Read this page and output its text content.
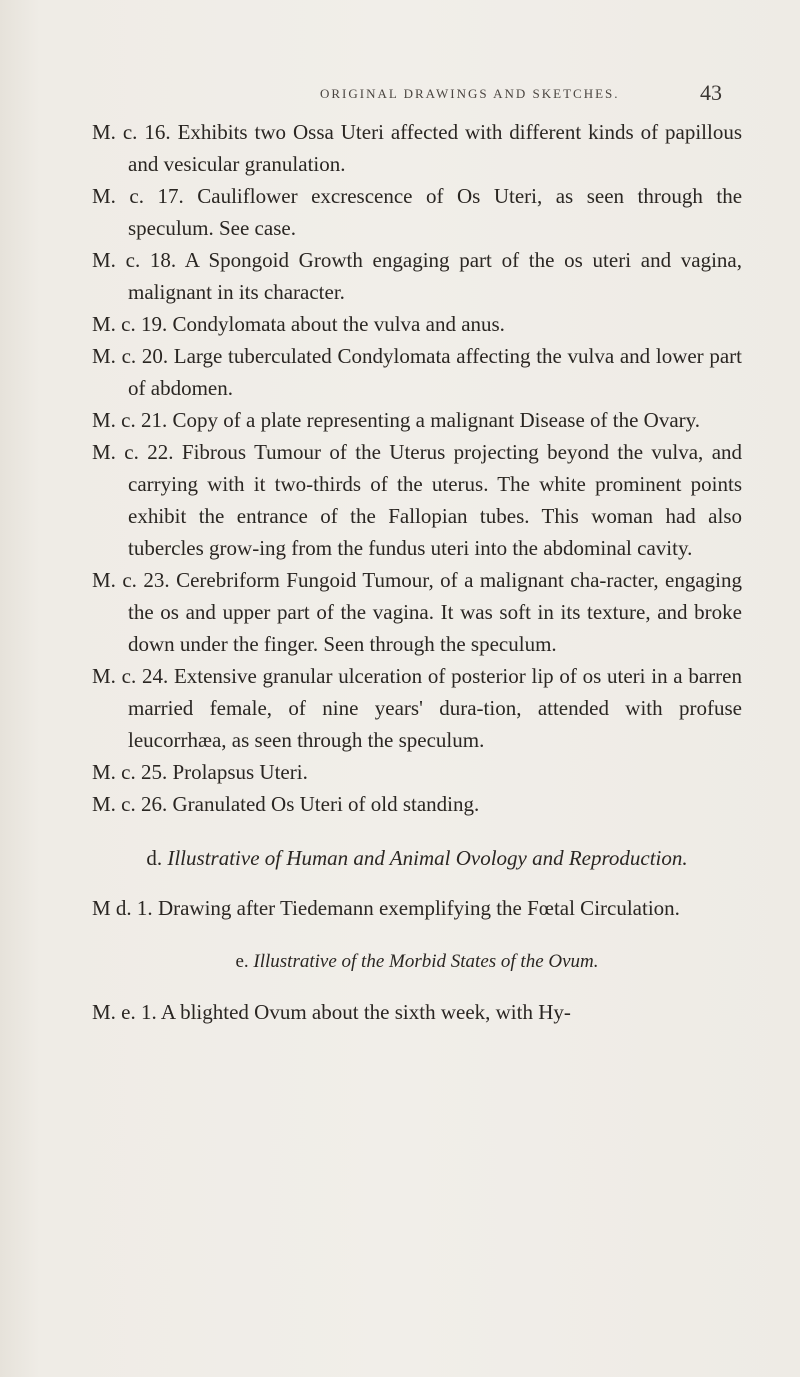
ORIGINAL DRAWINGS AND SKETCHES.	43

M. c. 16. Exhibits two Ossa Uteri affected with different kinds of papillous and vesicular granulation.

M. c. 17. Cauliflower excrescence of Os Uteri, as seen through the speculum. See case.

M. c. 18. A Spongoid Growth engaging part of the os uteri and vagina, malignant in its character.

M. c. 19. Condylomata about the vulva and anus.

M. c. 20. Large tuberculated Condylomata affecting the vulva and lower part of abdomen.

M. c. 21. Copy of a plate representing a malignant Disease of the Ovary.

M. c. 22. Fibrous Tumour of the Uterus projecting beyond the vulva, and carrying with it two-thirds of the uterus. The white prominent points exhibit the entrance of the Fallopian tubes. This woman had also tubercles grow-ing from the fundus uteri into the abdominal cavity.

M. c. 23. Cerebriform Fungoid Tumour, of a malignant cha-racter, engaging the os and upper part of the vagina. It was soft in its texture, and broke down under the finger. Seen through the speculum.

M. c. 24. Extensive granular ulceration of posterior lip of os uteri in a barren married female, of nine years' dura-tion, attended with profuse leucorrhæa, as seen through the speculum.

M. c. 25. Prolapsus Uteri.

M. c. 26. Granulated Os Uteri of old standing.

d. Illustrative of Human and Animal Ovology and Reproduction.

M d. 1. Drawing after Tiedemann exemplifying the Fœtal Circulation.

e. Illustrative of the Morbid States of the Ovum.

M. e. 1. A blighted Ovum about the sixth week, with Hy-
